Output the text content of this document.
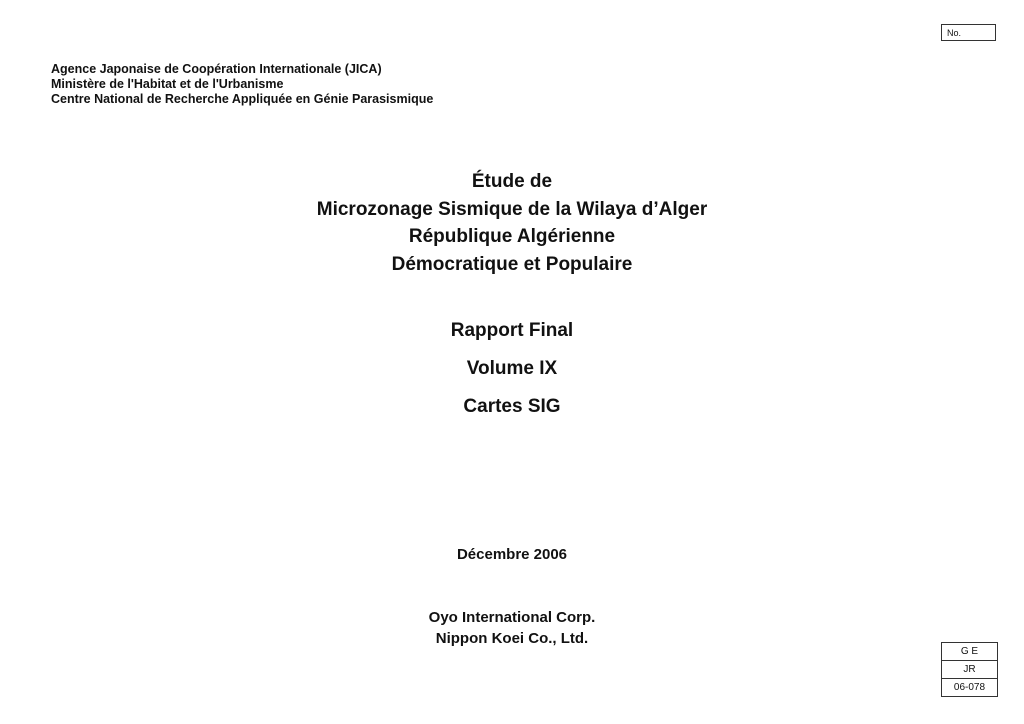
No.
Agence Japonaise de Coopération Internationale (JICA)
Ministère de l'Habitat et de l'Urbanisme
Centre National de Recherche Appliquée en Génie Parasismique
Étude de
Microzonage Sismique de la Wilaya d’Alger
République Algérienne
Démocratique et Populaire
Rapport Final
Volume IX
Cartes SIG
Décembre 2006
Oyo International Corp.
Nippon Koei Co., Ltd.
G E
JR
06-078
